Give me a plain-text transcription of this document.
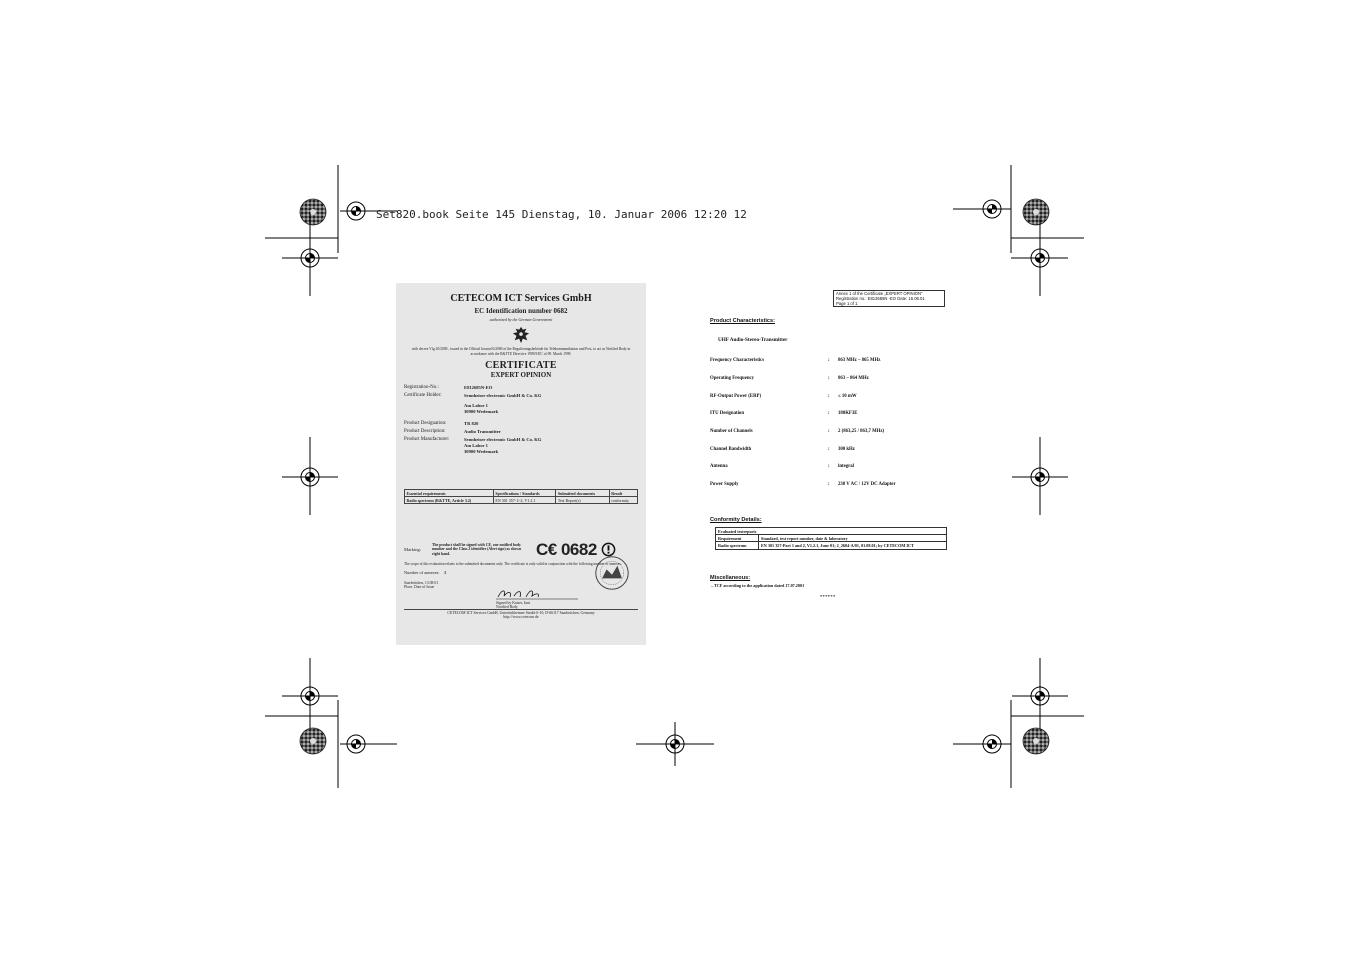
Set820.book Seite 145 Dienstag, 10. Januar 2006 12:20 12
CETECOM ICT Services GmbH
EC Identification number 0682
authorized by the German Government
with decree Vfg 20/2000 , issued in the Official Journal 6/2000 of the Regulierungsbehörde für Telekommunikation und Post, to act as Notified Body in accordance with the R&TTE Directive 1999/5/EC of 09. March 1999.
CERTIFICATE
EXPERT OPINION
Registration-No.:	E812685N-EO
Certificate Holder:	Sennheiser electronic GmbH & Co. KG
Am Labor 1
30900 Wedemark
Product Designation:	TR 820
Product Description:	Audio Transmitter
Product Manufacturer:	Sennheiser electronic GmbH & Co. KG
Am Labor 1
30900 Wedemark
Essential requirements	Specifications / Standards	Submitted documents	Result
Radio spectrum (R&TTE, Article 3.2)	EN 301 357-1/-2, V1.2.1	Test Report(s)	conformity
Marking:
The product shall be signed with CE, our notified body number and the Class 2 identifier (Alert sign) as shown right hand.	C€ 0682
The scope of this evaluation relates to the submitted documents only. The certificate is only valid in conjunction with the following number of annexes.
Number of annexes: 1
Saarbrücken, 13.08.01
Place, Date of Issue
Signed by Kaiser, Juni
Notified Body
CETECOM ICT Services GmbH, Untertürkheimer Straße 6-10, D-66117 Saarbrücken, Germany
http://www.cetecom.de
Annex 1 of the Certificate „EXPERT OPINION“
Registration no.: E812685N -EO Date: 16.08.01
Page 1 of 1
Product Characteristics:
UHF Audio-Stereo-Transmitter
Frequency Characteristics	:	863 MHz – 865 MHz
Operating Frequency	:	863 – 864 MHz
RF-Output Power (ERP)	:	≤ 10 mW
ITU Designation	:	180KF3E
Number of Channels	:	2 (863,25 / 863,7 MHz)
Channel Bandwidth	:	300 kHz
Antenna	:	integral
Power Supply	:	230 V AC / 12V DC Adapter
Conformity Details:
Evaluated testreports	
Requirement	Standard, test report number, date & laboratory
Radio spectrum	EN 301 357-Part 1 and 2, V1.2.1, June 01; 2_2604-A/01, 01.08.01; by CETECOM ICT
Miscellaneous:
– TCF according to the application dated 17.07.2001
******
